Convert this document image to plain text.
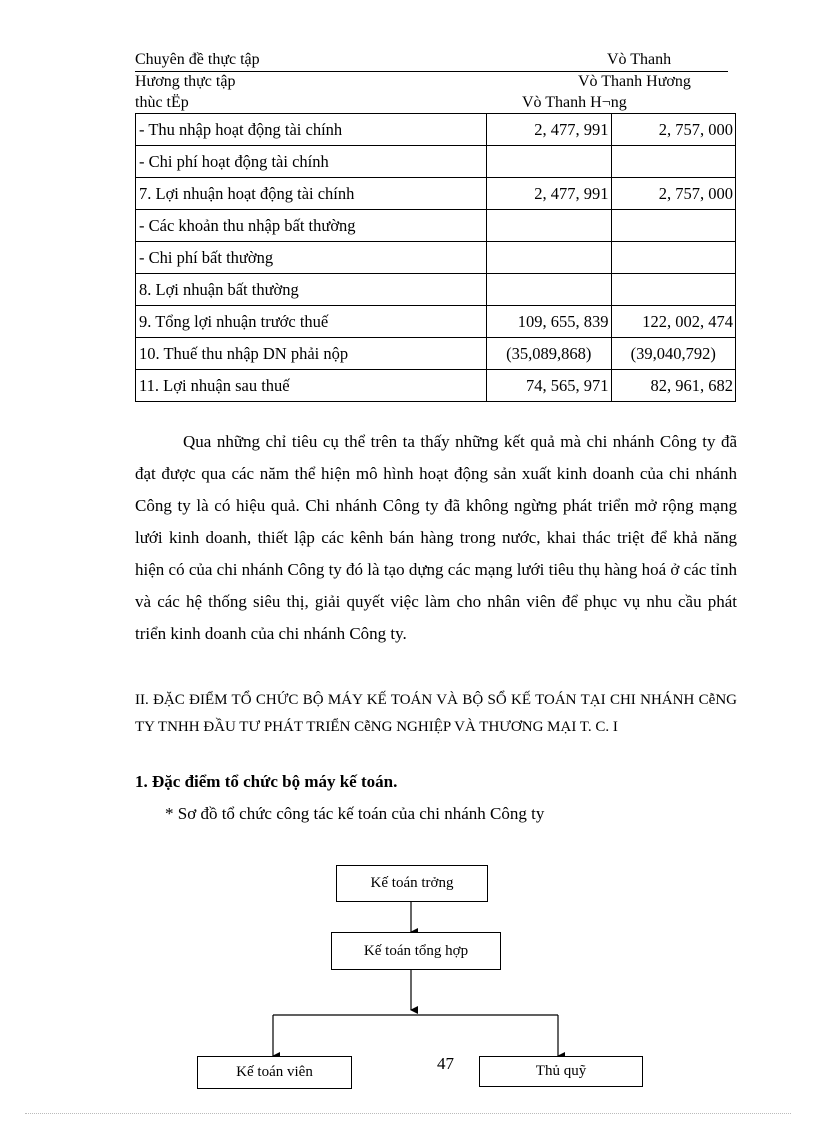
Chuyên đề thực tập	Vò Thanh
Hương thực tập	Vò Thanh Hương
thùc tËp	Vò Thanh H¬ng
- Thu nhập hoạt động tài chính	2, 477, 991	2, 757, 000
- Chi phí hoạt động tài chính		
7. Lợi nhuận hoạt động tài chính	2, 477, 991	2, 757, 000
- Các khoản thu nhập bất thường		
- Chi phí bất thường		
8. Lợi nhuận bất thường		
9. Tổng lợi nhuận trước thuế	109, 655, 839	122, 002, 474
10. Thuế thu nhập DN phải nộp	(35,089,868)	(39,040,792)
11. Lợi nhuận sau thuế	74, 565, 971	82, 961, 682

Qua những chỉ tiêu cụ thể trên ta thấy những kết quả mà chi nhánh Công ty đã đạt được qua các năm thể hiện mô hình hoạt động sản xuất kinh doanh của chi nhánh Công ty là có hiệu quả. Chi nhánh Công ty đã không ngừng phát triển mở rộng mạng lưới kinh doanh, thiết lập các kênh bán hàng trong nước, khai thác triệt để khả năng hiện có của chi nhánh Công ty đó là tạo dựng các mạng lưới tiêu thụ hàng hoá ở các tỉnh và các hệ thống siêu thị, giải quyết việc làm cho nhân viên để phục vụ nhu cầu phát triển kinh doanh của chi nhánh Công ty.

II. ĐẶC ĐIỂM TỔ CHỨC BỘ MÁY KẾ TOÁN VÀ BỘ SỔ KẾ TOÁN TẠI CHI NHÁNH CễNG TY TNHH ĐẦU TƯ PHÁT TRIỂN CễNG NGHIỆP VÀ THƯƠNG MẠI T. C. I
1. Đặc điểm tổ chức bộ máy kế toán.
* Sơ đồ tổ chức công tác kế toán của chi nhánh Công ty
Kế toán trởng
Kế toán tổng hợp
Kế toán viên	Thủ quỹ
47
